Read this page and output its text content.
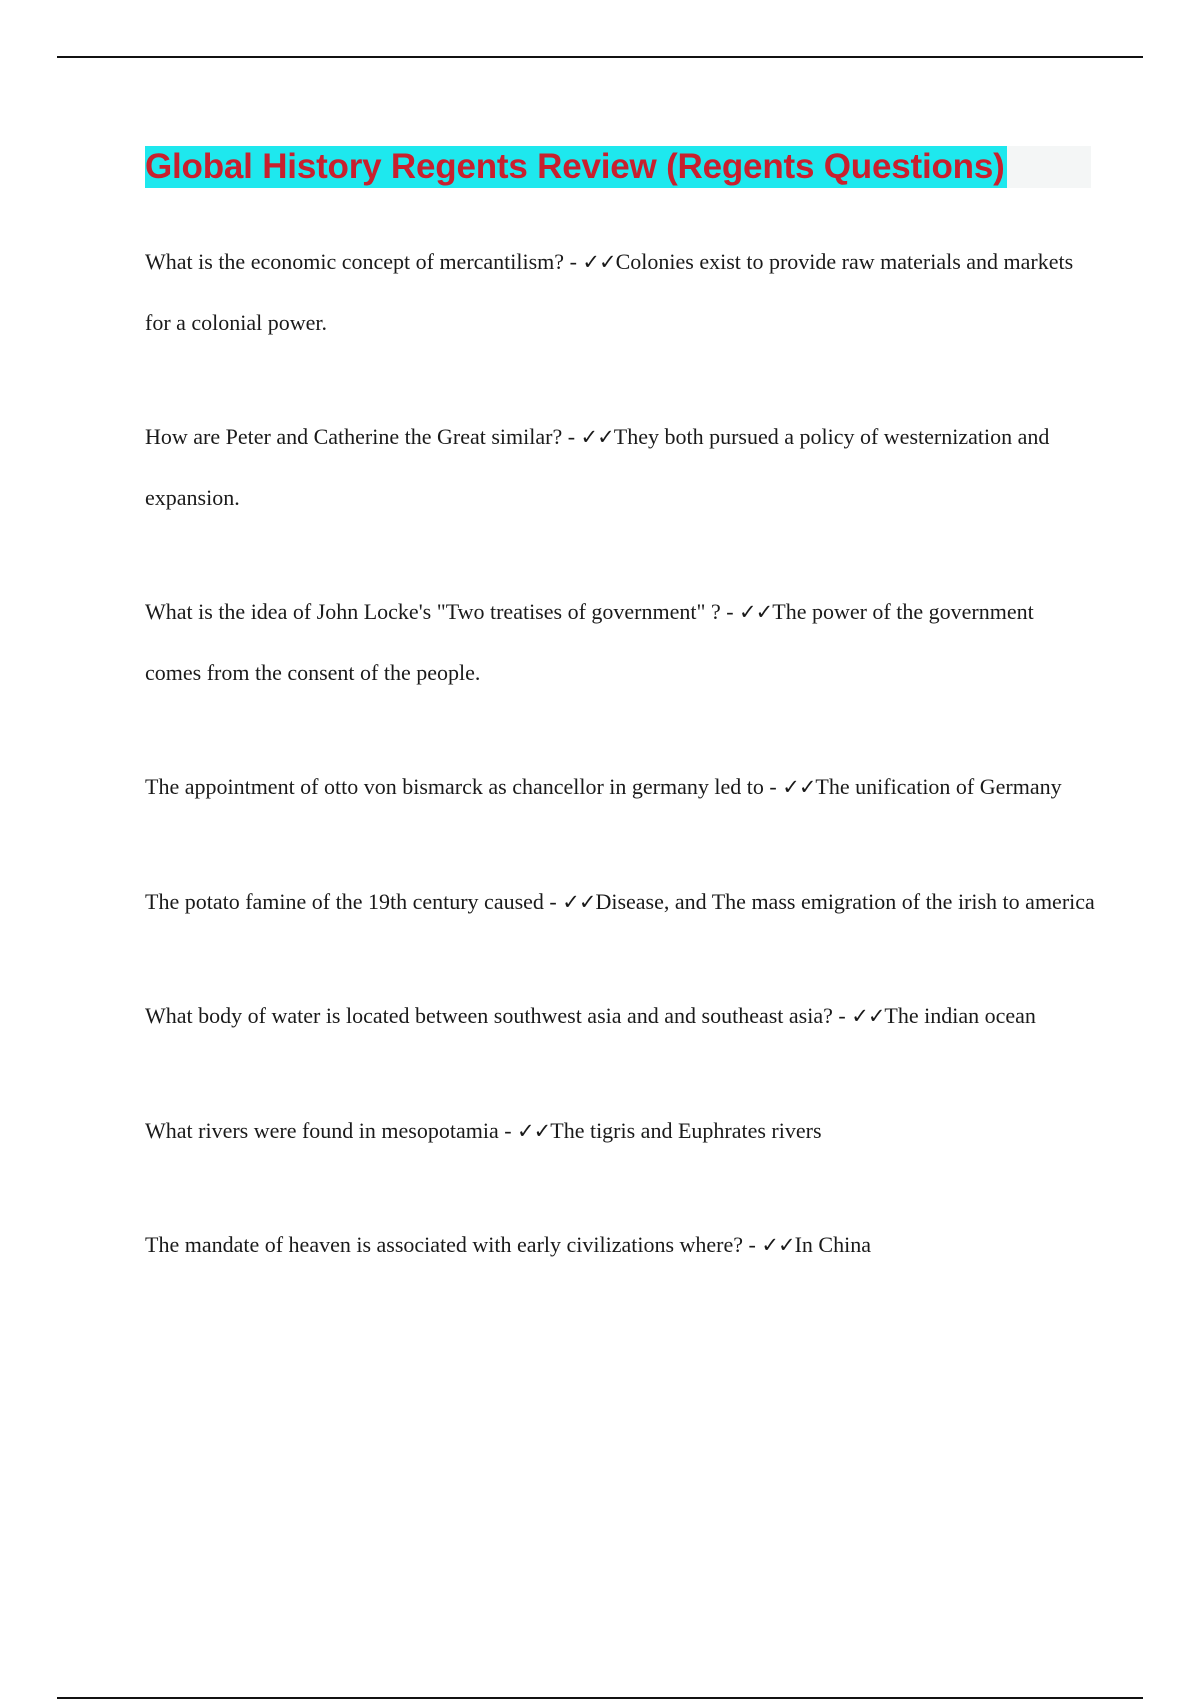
Global History Regents Review (Regents Questions)
What is the economic concept of mercantilism? - ✓✓Colonies exist to provide raw materials and markets for a colonial power.
How are Peter and Catherine the Great similar? - ✓✓They both pursued a policy of westernization and expansion.
What is the idea of John Locke's "Two treatises of government" ? - ✓✓The power of the government comes from the consent of the people.
The appointment of otto von bismarck as chancellor in germany led to - ✓✓The unification of Germany
The potato famine of the 19th century caused - ✓✓Disease, and The mass emigration of the irish to america
What body of water is located between southwest asia and and southeast asia? - ✓✓The indian ocean
What rivers were found in mesopotamia - ✓✓The tigris and Euphrates rivers
The mandate of heaven is associated with early civilizations where? - ✓✓In China
